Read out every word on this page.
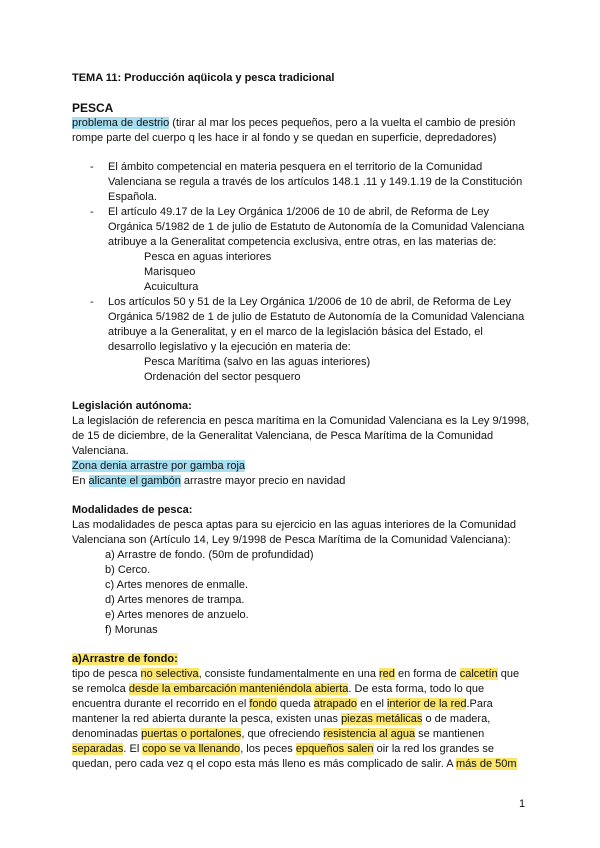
TEMA 11: Producción aqüicola y pesca tradicional

PESCA

problema de destrio (tirar al mar los peces pequeños, pero a la vuelta el cambio de presión rompe parte del cuerpo q les hace ir al fondo y se quedan en superficie, depredadores)

- El ámbito competencial en materia pesquera en el territorio de la Comunidad Valenciana se regula a través de los artículos 148.1 .11 y 149.1.19 de la Constitución Española.
- El artículo 49.17 de la Ley Orgánica 1/2006 de 10 de abril, de Reforma de Ley Orgánica 5/1982 de 1 de julio de Estatuto de Autonomía de la Comunidad Valenciana atribuye a la Generalitat competencia exclusiva, entre otras, en las materias de:
Pesca en aguas interiores
Marisqueo
Acuicultura
- Los artículos 50 y 51 de la Ley Orgánica 1/2006 de 10 de abril, de Reforma de Ley Orgánica 5/1982 de 1 de julio de Estatuto de Autonomía de la Comunidad Valenciana atribuye a la Generalitat, y en el marco de la legislación básica del Estado, el desarrollo legislativo y la ejecución en materia de:
Pesca Marítima (salvo en las aguas interiores)
Ordenación del sector pesquero

Legislación autónoma:

La legislación de referencia en pesca marítima en la Comunidad Valenciana es la Ley 9/1998, de 15 de diciembre, de la Generalitat Valenciana, de Pesca Marítima de la Comunidad Valenciana.

Zona denia arrastre por gamba roja

En alicante el gambón arrastre mayor precio en navidad

Modalidades de pesca:

Las modalidades de pesca aptas para su ejercicio en las aguas interiores de la Comunidad Valenciana son (Artículo 14, Ley 9/1998 de Pesca Marítima de la Comunidad Valenciana):

a) Arrastre de fondo. (50m de profundidad)

b) Cerco.

c) Artes menores de enmalle.

d) Artes menores de trampa.

e) Artes menores de anzuelo.

f) Morunas

a)Arrastre de fondo:

tipo de pesca no selectiva, consiste fundamentalmente en una red en forma de calcetín que se remolca desde la embarcación manteniéndola abierta. De esta forma, todo lo que encuentra durante el recorrido en el fondo queda atrapado en el interior de la red.Para mantener la red abierta durante la pesca, existen unas piezas metálicas o de madera, denominadas puertas o portalones, que ofreciendo resistencia al agua se mantienen separadas. El copo se va llenando, los peces epqueños salen oir la red los grandes se quedan, pero cada vez q el copo esta más lleno es más complicado de salir. A más de 50m

1
